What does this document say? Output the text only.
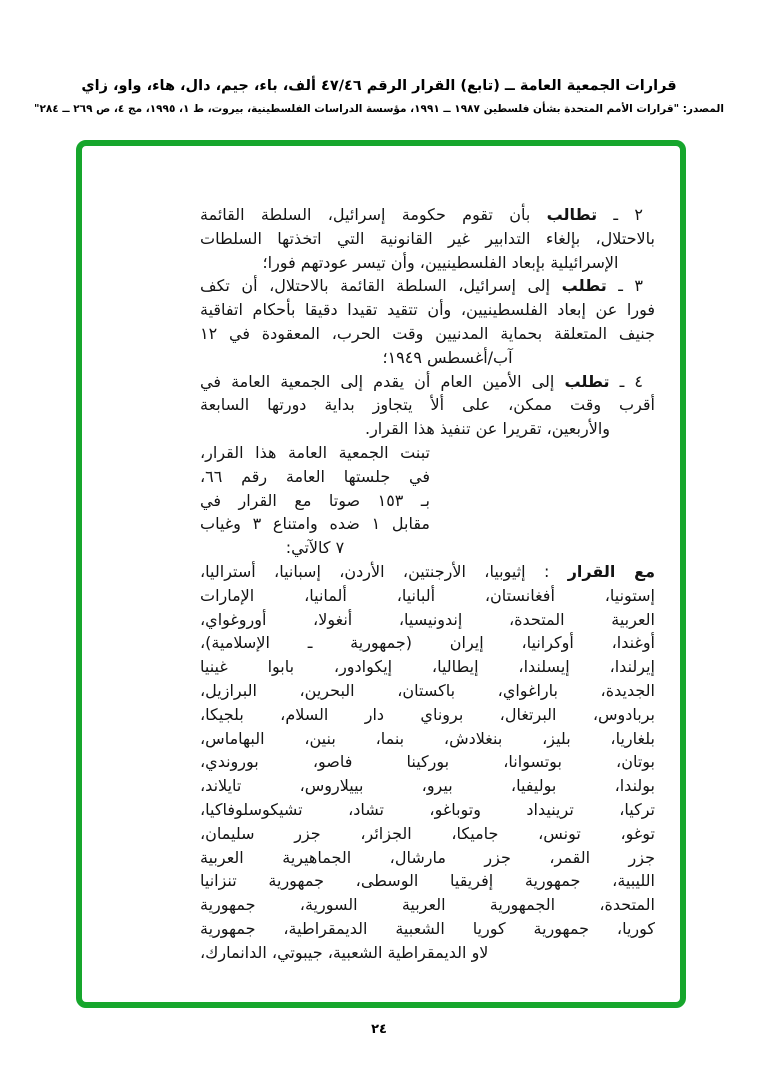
قرارات الجمعية العامة ــ (تابع) القرار الرقم ٤٧/٤٦ ألف، باء، جيم، دال، هاء، واو، زاي
المصدر: "قرارات الأمم المتحدة بشأن فلسطين ١٩٨٧ ــ ١٩٩١، مؤسسة الدراسات الفلسطينية، بيروت، ط ١، ١٩٩٥، مج ٤، ص ٢٦٩ ــ ٢٨٤"
٢ ـ تطالب بأن تقوم حكومة إسرائيل، السلطة القائمة
بالاحتلال، بإلغاء التدابير غير القانونية التي اتخذتها السلطات
الإسرائيلية بإبعاد الفلسطينيين، وأن تيسر عودتهم فورا؛
٣ ـ تطلب إلى إسرائيل، السلطة القائمة بالاحتلال، أن تكف
فورا عن إبعاد الفلسطينيين، وأن تتقيد تقيدا دقيقا بأحكام اتفاقية
جنيف المتعلقة بحماية المدنيين وقت الحرب، المعقودة في ١٢
آب/أغسطس ١٩٤٩؛
٤ ـ تطلب إلى الأمين العام أن يقدم إلى الجمعية العامة في
أقرب وقت ممكن، على ألأ يتجاوز بداية دورتها السابعة
والأربعين، تقريرا عن تنفيذ هذا القرار.
تبنت الجمعية العامة هذا القرار،
في جلستها العامة رقم ٦٦،
بـ ١٥٣ صوتا مع القرار في
مقابل ١ ضده وامتناع ٣ وغياب
٧ كالآتي:
مع القرار : إثيوبيا، الأرجنتين، الأردن، إسبانيا، أستراليا،
إستونيا، أفغانستان، ألبانيا، ألمانيا، الإمارات
العربية المتحدة، إندونيسيا، أنغولا، أوروغواي،
أوغندا، أوكرانيا، إيران (جمهورية ـ الإسلامية)،
إيرلندا، إيسلندا، إيطاليا، إيكوادور، بابوا غينيا
الجديدة، باراغواي، باكستان، البحرين، البرازيل،
بربادوس، البرتغال، بروناي دار السلام، بلجيكا،
بلغاريا، بليز، بنغلادش، بنما، بنين، البهاماس،
بوتان، بوتسوانا، بوركينا فاصو، بوروندي،
بولندا، بوليفيا، بيرو، بييلاروس، تايلاند،
تركيا، ترينيداد وتوباغو، تشاد، تشيكوسلوفاكيا،
توغو، تونس، جاميكا، الجزائر، جزر سليمان،
جزر القمر، جزر مارشال، الجماهيرية العربية
الليبية، جمهورية إفريقيا الوسطى، جمهورية تنزانيا
المتحدة، الجمهورية العربية السورية، جمهورية
كوريا، جمهورية كوريا الشعبية الديمقراطية، جمهورية
لاو الديمقراطية الشعبية، جيبوتي، الدانمارك،
٢٤
